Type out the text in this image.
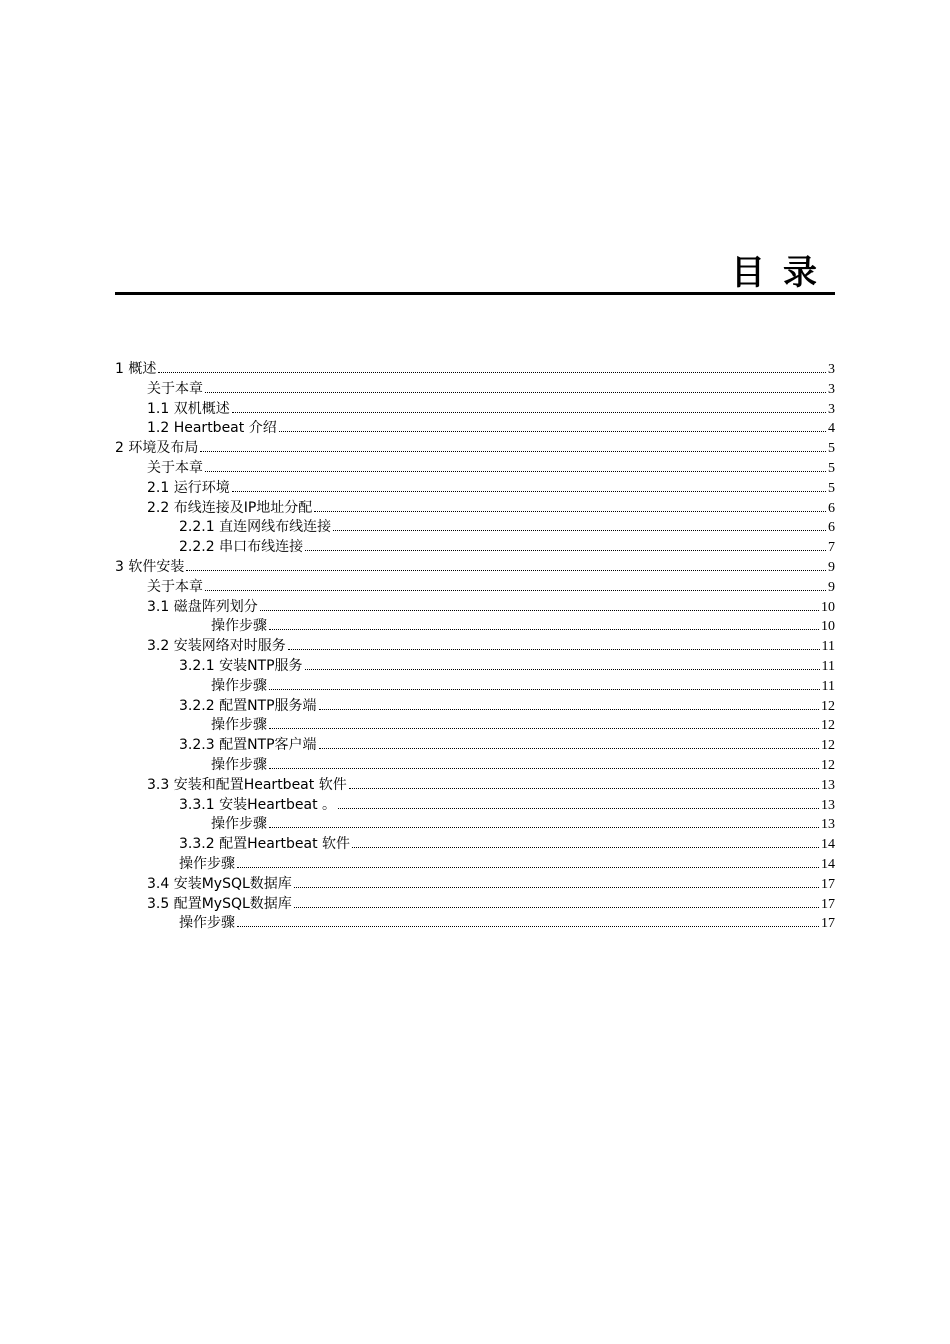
目录
1 概述	3
关于本章	3
1.1 双机概述	3
1.2 Heartbeat 介绍	4
2 环境及布局	5
关于本章	5
2.1 运行环境	5
2.2 布线连接及IP地址分配	6
2.2.1 直连网线布线连接	6
2.2.2 串口布线连接	7
3 软件安装	9
关于本章	9
3.1 磁盘阵列划分	10
操作步骤	10
3.2 安装网络对时服务	11
3.2.1 安装NTP服务	11
操作步骤	11
3.2.2 配置NTP服务端	12
操作步骤	12
3.2.3 配置NTP客户端	12
操作步骤	12
3.3 安装和配置Heartbeat 软件	13
3.3.1 安装Heartbeat 。	13
操作步骤	13
3.3.2 配置Heartbeat 软件	14
操作步骤	14
3.4 安装MySQL数据库	17
3.5 配置MySQL数据库	17
操作步骤	17
